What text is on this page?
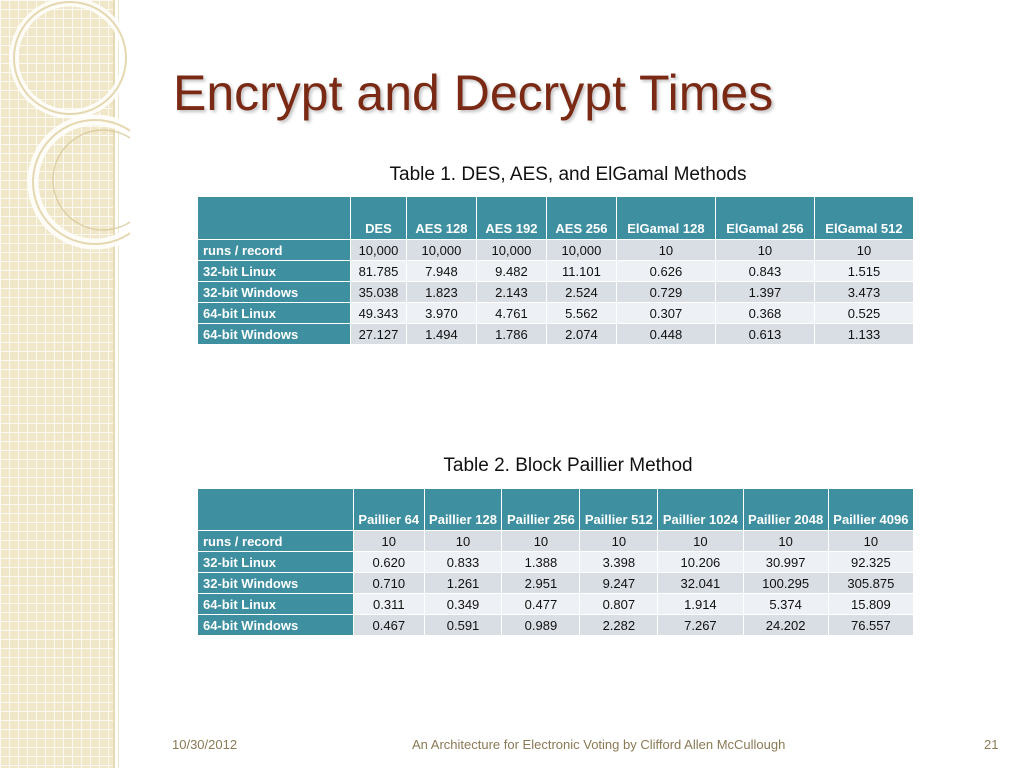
Encrypt and Decrypt Times
Table 1. DES, AES, and ElGamal Methods
	DES	AES 128	AES 192	AES 256	ElGamal 128	ElGamal 256	ElGamal 512
runs / record	10,000	10,000	10,000	10,000	10	10	10
32-bit Linux	81.785	7.948	9.482	11.101	0.626	0.843	1.515
32-bit Windows	35.038	1.823	2.143	2.524	0.729	1.397	3.473
64-bit Linux	49.343	3.970	4.761	5.562	0.307	0.368	0.525
64-bit Windows	27.127	1.494	1.786	2.074	0.448	0.613	1.133
Table 2. Block Paillier Method
	Paillier 64	Paillier 128	Paillier 256	Paillier 512	Paillier 1024	Paillier 2048	Paillier 4096
runs / record	10	10	10	10	10	10	10
32-bit Linux	0.620	0.833	1.388	3.398	10.206	30.997	92.325
32-bit Windows	0.710	1.261	2.951	9.247	32.041	100.295	305.875
64-bit Linux	0.311	0.349	0.477	0.807	1.914	5.374	15.809
64-bit Windows	0.467	0.591	0.989	2.282	7.267	24.202	76.557
10/30/2012	An Architecture for Electronic Voting by Clifford Allen McCullough	21
